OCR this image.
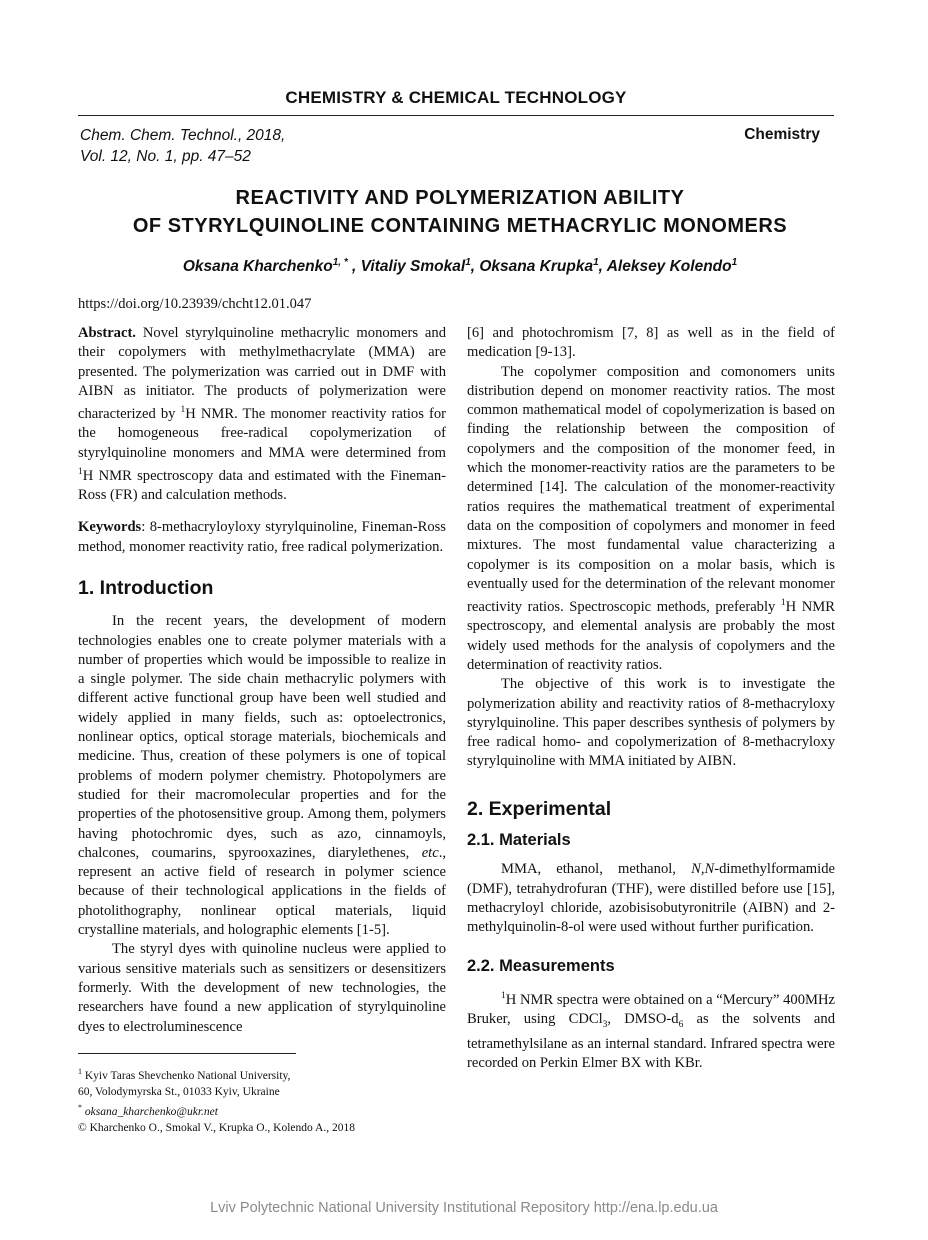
CHEMISTRY & CHEMICAL TECHNOLOGY
Chem. Chem. Technol., 2018,
Vol. 12, No. 1, pp. 47–52
Chemistry
REACTIVITY AND POLYMERIZATION ABILITY
OF STYRYLQUINOLINE CONTAINING METHACRYLIC MONOMERS
Oksana Kharchenko$^{1, *}$ , Vitaliy Smokal$^1$, Oksana Krupka$^1$, Aleksey Kolendo$^1$
https://doi.org/10.23939/chcht12.01.047

Abstract. Novel styrylquinoline methacrylic monomers and their copolymers with methylmethacrylate (MMA) are presented. The polymerization was carried out in DMF with AIBN as initiator. The products of polymerization were characterized by $^1$H NMR. The monomer reactivity ratios for the homogeneous free-radical copolymerization of styrylquinoline monomers and MMA were determined from $^1$H NMR spectroscopy data and estimated with the Fineman-Ross (FR) and calculation methods.

Keywords: 8-methacryloyloxy styrylquinoline, Fineman-Ross method, monomer reactivity ratio, free radical polymerization.

1. Introduction

In the recent years, the development of modern technologies enables one to create polymer materials with a number of properties which would be impossible to realize in a single polymer. The side chain methacrylic polymers with different active functional group have been well studied and widely applied in many fields, such as: optoelectronics, nonlinear optics, optical storage materials, biochemicals and medicine. Thus, creation of these polymers is one of topical problems of modern polymer chemistry. Photopolymers are studied for their macromolecular properties and for the properties of the photosensitive group. Among them, polymers having photochromic dyes, such as azo, cinnamoyls, chalcones, coumarins, spyrooxazines, diarylethenes, etc., represent an active field of research in polymer science because of their technological applications in the fields of photolithography, nonlinear optical materials, liquid crystalline materials, and holographic elements [1-5].

The styryl dyes with quinoline nucleus were applied to various sensitive materials such as sensitizers or desensitizers formerly. With the development of new technologies, the researchers have found a new application of styrylquinoline dyes to electroluminescence

$^1$ Kyiv Taras Shevchenko National University,
60, Volodymyrska St., 01033 Kyiv, Ukraine
* oksana_kharchenko@ukr.net
© Kharchenko O., Smokal V., Krupka O., Kolendo A., 2018

[6] and photochromism [7, 8] as well as in the field of medication [9-13].

The copolymer composition and comonomers units distribution depend on monomer reactivity ratios. The most common mathematical model of copolymerization is based on finding the relationship between the composition of copolymers and the composition of the monomer feed, in which the monomer-reactivity ratios are the parameters to be determined [14]. The calculation of the monomer-reactivity ratios requires the mathematical treatment of experimental data on the composition of copolymers and monomer in feed mixtures. The most fundamental value characterizing a copolymer is its composition on a molar basis, which is eventually used for the determination of the relevant monomer reactivity ratios. Spectroscopic methods, preferably $^1$H NMR spectroscopy, and elemental analysis are probably the most widely used methods for the analysis of copolymers and the determination of reactivity ratios.

The objective of this work is to investigate the polymerization ability and reactivity ratios of 8-methacryloxy styrylquinoline. This paper describes synthesis of polymers by free radical homo- and copolymerization of 8-methacryloxy styrylquinoline with MMA initiated by AIBN.

2. Experimental
2.1. Materials

MMA, ethanol, methanol, N,N-dimethylformamide (DMF), tetrahydrofuran (THF), were distilled before use [15], methacryloyl chloride, azobisisobutyronitrile (AIBN) and 2-methylquinolin-8-ol were used without further purification.

2.2. Measurements

$^1$H NMR spectra were obtained on a “Mercury” 400MHz Bruker, using CDCl$_3$, DMSO-$d_6$ as the solvents and tetramethylsilane as an internal standard. Infrared spectra were recorded on Perkin Elmer BX with KBr.

Lviv Polytechnic National University Institutional Repository http://ena.lp.edu.ua
